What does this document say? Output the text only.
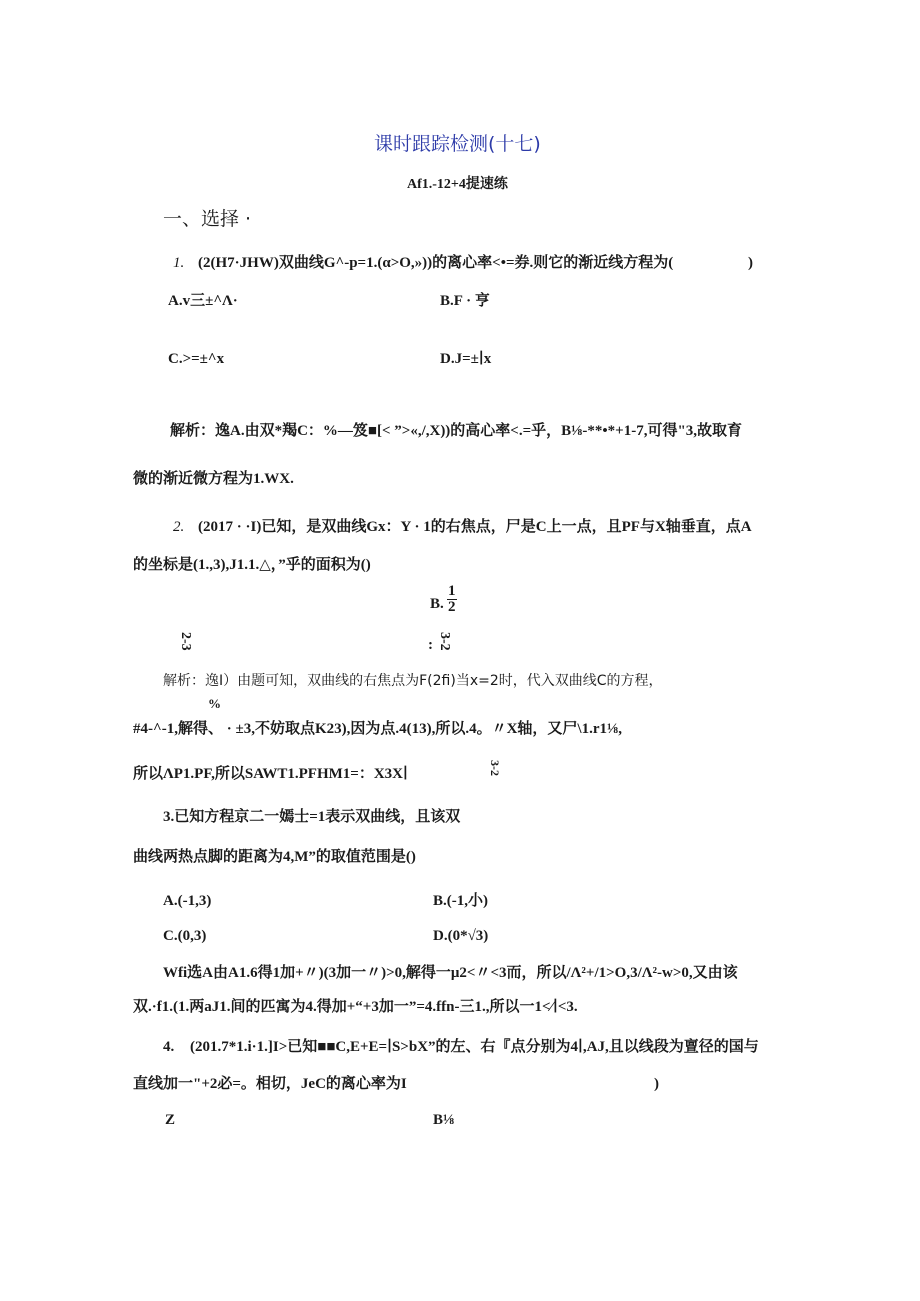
课时跟踪检测(十七)
Af1.-12+4提速练
一、选择 ·
1. (2(H7·JHW)双曲线G^-p=1.(α>O,»))的离心率<•=券.则它的渐近线方程为(	)
A.v三±^Λ·	B.F · 亨
C.>=±^x	D.J=±∣x
解析：逸A.由双*羯C：%—笈■[< ”>«,/,X))的高心率<.=乎，B⅛-**•*+1-7,可得"3,故取育
微的渐近微方程为1.WX.
2. (2017 · ·I)已知，是双曲线Gx：Y · 1的右焦点，尸是C上一点，且PF与X轴垂直，点A
的坐标是(1.,3),J1.1.△，”乎的面积为()
B. $\frac{1}{2}$
2-3	: 3-2
解析：逸I）由题可知，双曲线的右焦点为F(2fi)当x=2时，代入双曲线C的方程，
%
#4-^-1,解得、 · ±3,不妨取点K23),因为点.4(13),所以.4。〃X轴，又尸\1.r1⅛,
所以ΛP1.PF,所以SAWT1.PFHM1=：X3X∣	3-2
3.已知方程京二一嫣士=1表示双曲线，且该双
曲线两热点脚的距离为4,M”的取值范围是()
A.(-1,3)	B.(-1,小)
C.(0,3)	D.(0*√3)
Wfi选A由A1.6得1加+〃)(3加一〃)>0,解得一μ2<〃<3而，所以/Λ²+/1>O,3/Λ²-w>0,又由该
双.·f1.(1.两aJ1.间的匹寓为4.得加+“+3加一”=4.ffn-三1.,所以一1<∕∣<3.
4. (201.7*1.i·1.]I>已知■■C,E+E=∣S>bX”的左、右『点分别为4∣,AJ,且以线段为亶径的国与
直线加一"+2必=。相切，JeC的离心率为I	)
Z	B⅛
